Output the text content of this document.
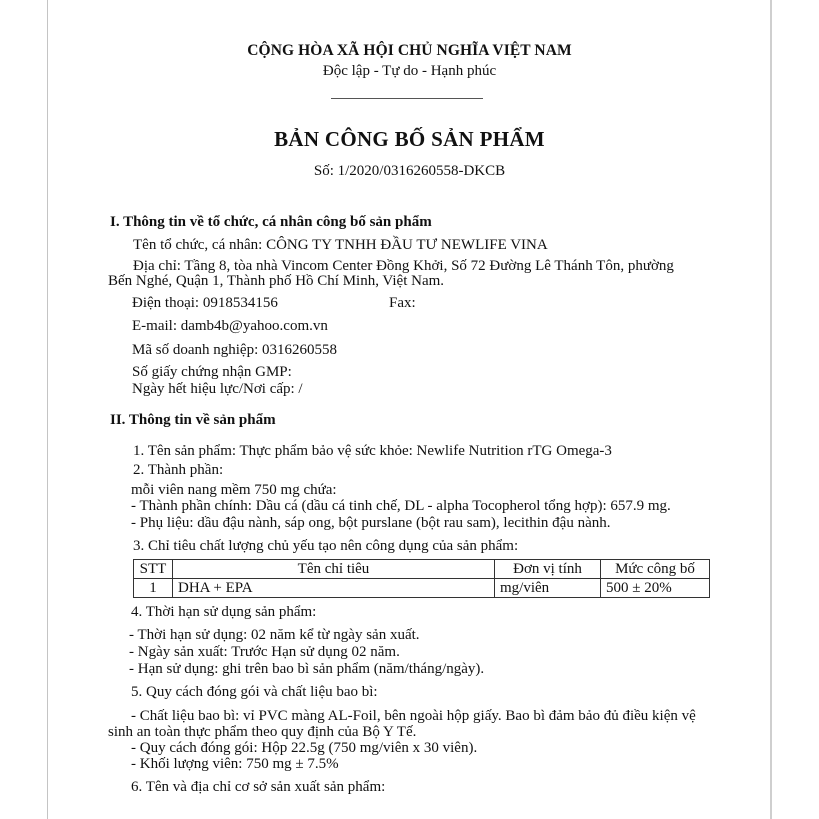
CỘNG HÒA XÃ HỘI CHỦ NGHĨA VIỆT NAM
Độc lập - Tự do - Hạnh phúc
BẢN CÔNG BỐ SẢN PHẨM
Số: 1/2020/0316260558-DKCB
I. Thông tin về tổ chức, cá nhân công bố sản phẩm
Tên tổ chức, cá nhân: CÔNG TY TNHH ĐẦU TƯ NEWLIFE VINA
Địa chỉ: Tầng 8, tòa nhà Vincom Center Đồng Khởi, Số 72 Đường Lê Thánh Tôn, phường
Bến Nghé, Quận 1, Thành phố Hồ Chí Minh, Việt Nam.
Điện thoại: 0918534156	Fax:
E-mail: damb4b@yahoo.com.vn
Mã số doanh nghiệp: 0316260558
Số giấy chứng nhận GMP:
Ngày hết hiệu lực/Nơi cấp: /
II. Thông tin về sản phẩm
1. Tên sản phẩm: Thực phẩm bảo vệ sức khỏe: Newlife Nutrition rTG Omega-3
2. Thành phần:
mỗi viên nang mềm 750 mg chứa:
- Thành phần chính: Dầu cá (dầu cá tinh chế, DL - alpha Tocopherol tổng hợp): 657.9 mg.
- Phụ liệu: dầu đậu nành, sáp ong, bột purslane (bột rau sam), lecithin đậu nành.
3. Chỉ tiêu chất lượng chủ yếu tạo nên công dụng của sản phẩm:
STT	Tên chỉ tiêu	Đơn vị tính	Mức công bố
1	DHA + EPA	mg/viên	500 ± 20%
4. Thời hạn sử dụng sản phẩm:
- Thời hạn sử dụng: 02 năm kể từ ngày sản xuất.
- Ngày sản xuất: Trước Hạn sử dụng 02 năm.
- Hạn sử dụng: ghi trên bao bì sản phẩm (năm/tháng/ngày).
5. Quy cách đóng gói và chất liệu bao bì:
- Chất liệu bao bì: vỉ PVC màng AL-Foil, bên ngoài hộp giấy. Bao bì đảm bảo đủ điều kiện vệ
sinh an toàn thực phẩm theo quy định của Bộ Y Tế.
- Quy cách đóng gói: Hộp 22.5g (750 mg/viên x 30 viên).
- Khối lượng viên: 750 mg ± 7.5%
6. Tên và địa chỉ cơ sở sản xuất sản phẩm:
